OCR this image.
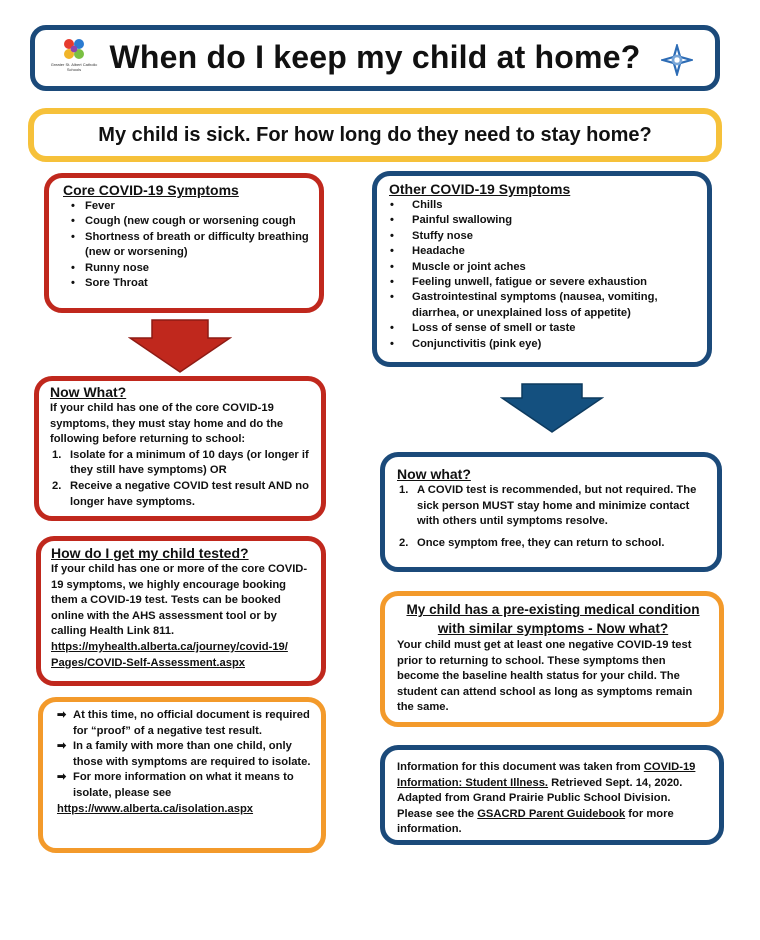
Greater St. Albert Catholic Schools When do I keep my child at home?
My child is sick. For how long do they need to stay home?
Core COVID-19 Symptoms
• Fever
• Cough (new cough or worsening cough
• Shortness of breath or difficulty breathing (new or worsening)
• Runny nose
• Sore Throat
Other COVID-19 Symptoms
• Chills
• Painful swallowing
• Stuffy nose
• Headache
• Muscle or joint aches
• Feeling unwell, fatigue or severe exhaustion
• Gastrointestinal symptoms (nausea, vomiting, diarrhea, or unexplained loss of appetite)
• Loss of sense of smell or taste
• Conjunctivitis (pink eye)
Now What?
If your child has one of the core COVID-19 symptoms, they must stay home and do the following before returning to school:
1. Isolate for a minimum of 10 days (or longer if they still have symptoms) OR
2. Receive a negative COVID test result AND no longer have symptoms.
How do I get my child tested?
If your child has one or more of the core COVID-19 symptoms, we highly encourage booking them a COVID-19 test. Tests can be booked online with the AHS assessment tool or by calling Health Link 811.
https://myhealth.alberta.ca/journey/covid-19/ Pages/COVID-Self-Assessment.aspx
➡ At this time, no official document is required for “proof” of a negative test result.
➡ In a family with more than one child, only those with symptoms are required to isolate.
➡ For more information on what it means to isolate, please see
https://www.alberta.ca/isolation.aspx
Now what?
1. A COVID test is recommended, but not required. The sick person MUST stay home and minimize contact with others until symptoms resolve.
2. Once symptom free, they can return to school.
My child has a pre-existing medical condition with similar symptoms - Now what?
Your child must get at least one negative COVID-19 test prior to returning to school. These symptoms then become the baseline health status for your child. The student can attend school as long as symptoms remain the same.
Information for this document was taken from COVID-19 Information: Student Illness. Retrieved Sept. 14, 2020. Adapted from Grand Prairie Public School Division. Please see the GSACRD Parent Guidebook for more information.
